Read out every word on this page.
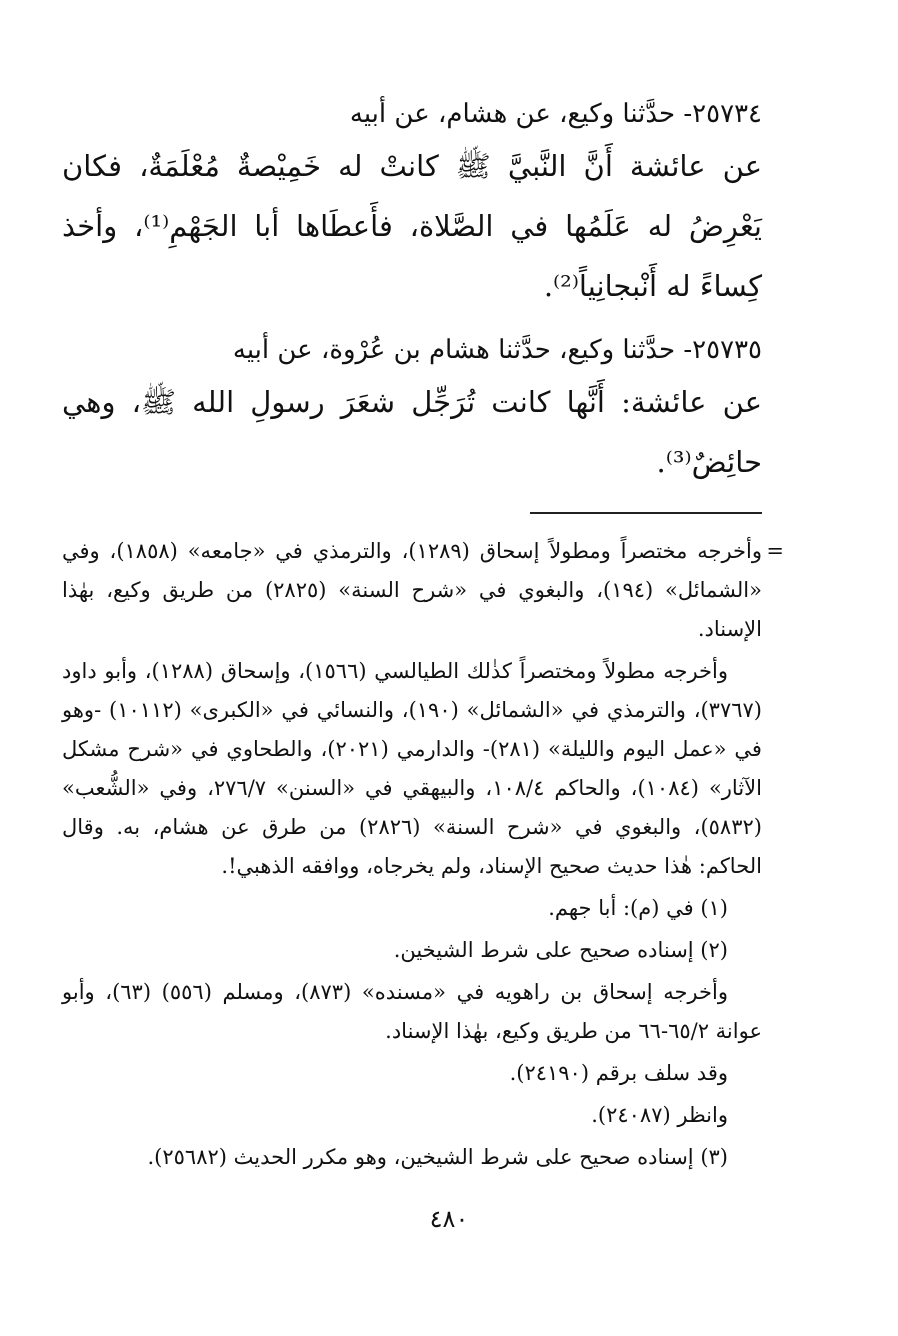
٢٥٧٣٤- حدَّثنا وكيع، عن هشام، عن أبيه

عن عائشة أَنَّ النَّبيَّ ﷺ كانتْ له خَمِيْصةٌ مُعْلَمَةٌ، فكان يَعْرِضُ له عَلَمُها في الصَّلاة، فأَعطَاها أبا الجَهْمِ⁽¹⁾، وأخذ كِساءً له أَنْبجانِياً⁽²⁾.

٢٥٧٣٥- حدَّثنا وكيع، حدَّثنا هشام بن عُرْوة، عن أبيه

عن عائشة: أَنَّها كانت تُرَجِّل شعَرَ رسولِ الله ﷺ، وهي حائِضٌ⁽³⁾.

=
وأخرجه مختصراً ومطولاً إسحاق (١٢٨٩)، والترمذي في «جامعه» (١٨٥٨)، وفي «الشمائل» (١٩٤)، والبغوي في «شرح السنة» (٢٨٢٥) من طريق وكيع، بهٰذا الإسناد.

وأخرجه مطولاً ومختصراً كذٰلك الطيالسي (١٥٦٦)، وإسحاق (١٢٨٨)، وأبو داود (٣٧٦٧)، والترمذي في «الشمائل» (١٩٠)، والنسائي في «الكبرى» (١٠١١٢) -وهو في «عمل اليوم والليلة» (٢٨١)- والدارمي (٢٠٢١)، والطحاوي في «شرح مشكل الآثار» (١٠٨٤)، والحاكم ١٠٨/٤، والبيهقي في «السنن» ٢٧٦/٧، وفي «الشُّعب» (٥٨٣٢)، والبغوي في «شرح السنة» (٢٨٢٦) من طرق عن هشام، به. وقال الحاكم: هٰذا حديث صحيح الإسناد، ولم يخرجاه، ووافقه الذهبي!.

(١) في (م): أبا جهم.

(٢) إسناده صحيح على شرط الشيخين.

وأخرجه إسحاق بن راهويه في «مسنده» (٨٧٣)، ومسلم (٥٥٦) (٦٣)، وأبو عوانة ٦٥/٢-٦٦ من طريق وكيع، بهٰذا الإسناد.

وقد سلف برقم (٢٤١٩٠).

وانظر (٢٤٠٨٧).

(٣) إسناده صحيح على شرط الشيخين، وهو مكرر الحديث (٢٥٦٨٢).

٤٨٠
